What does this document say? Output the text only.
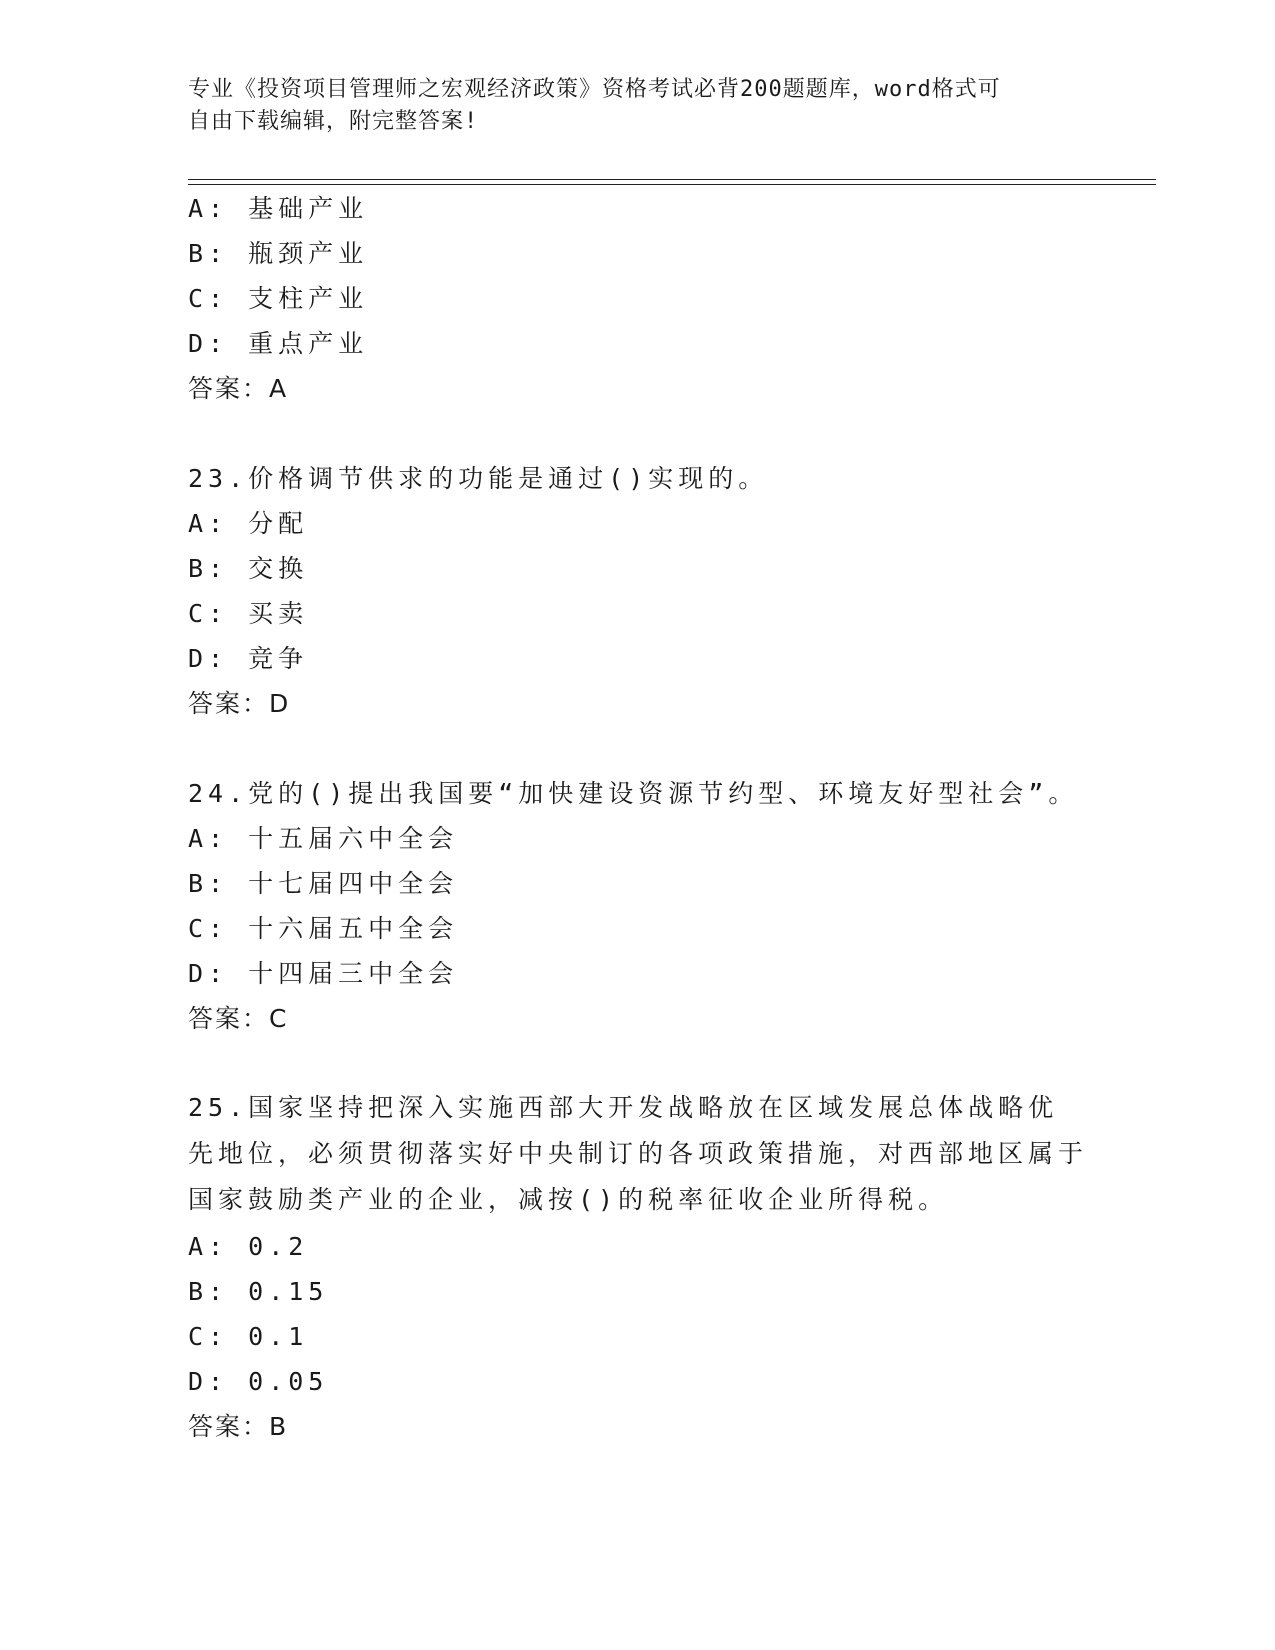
专业《投资项目管理师之宏观经济政策》资格考试必背200题题库，word格式可
自由下载编辑，附完整答案!
A: 基础产业
B: 瓶颈产业
C: 支柱产业
D: 重点产业
答案：A
23.价格调节供求的功能是通过()实现的。
A: 分配
B: 交换
C: 买卖
D: 竞争
答案：D
24.党的()提出我国要“加快建设资源节约型、环境友好型社会”。
A: 十五届六中全会
B: 十七届四中全会
C: 十六届五中全会
D: 十四届三中全会
答案：C
25.国家坚持把深入实施西部大开发战略放在区域发展总体战略优先地位，必须贯彻落实好中央制订的各项政策措施，对西部地区属于国家鼓励类产业的企业，减按()的税率征收企业所得税。
A: 0.2
B: 0.15
C: 0.1
D: 0.05
答案：B
